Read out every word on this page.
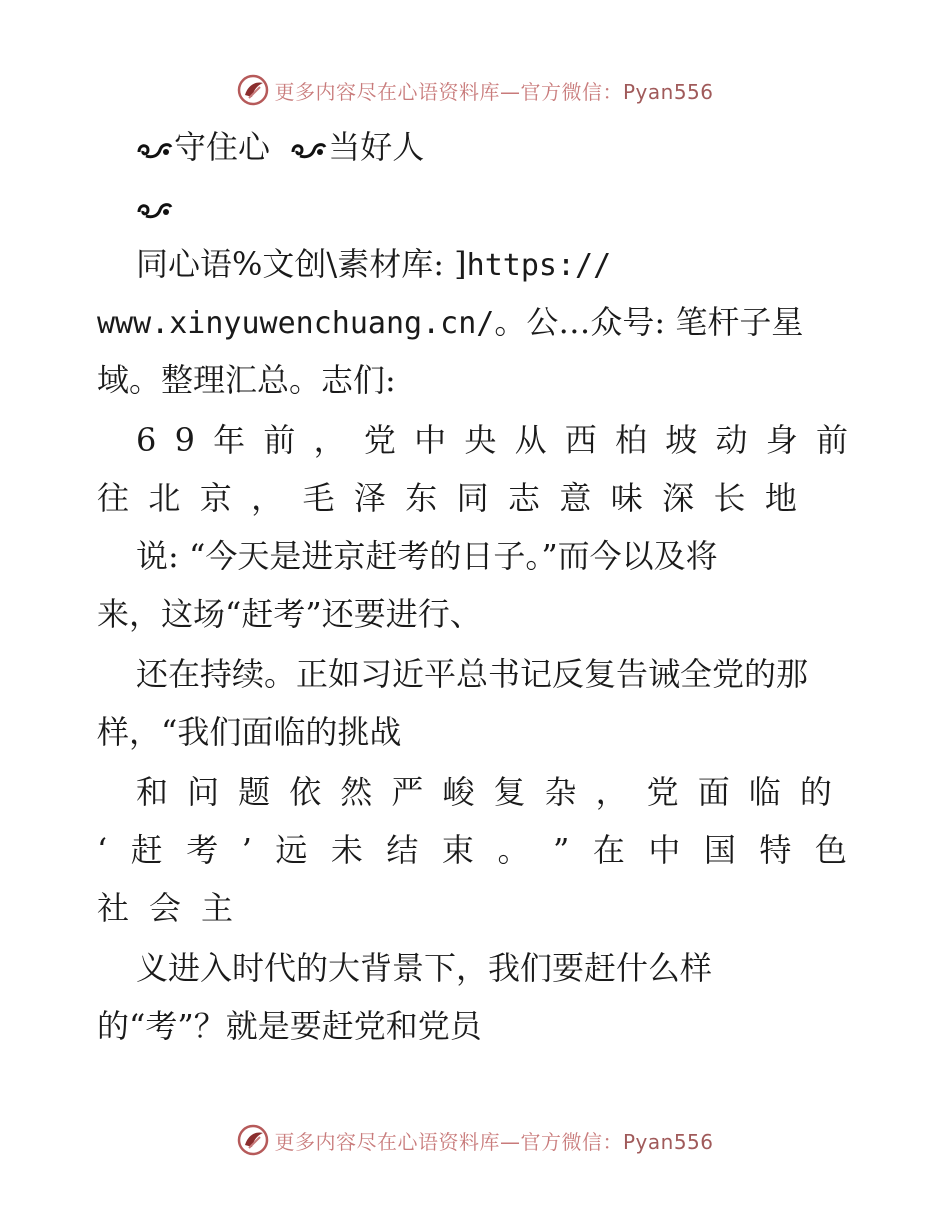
更多内容尽在心语资料库—官方微信：Pyan556
守住心 当好人
同心语%文创\素材库: ]https://
www.xinyuwenchuang.cn/。公…众号: 笔杆子星
域。整理汇总。志们:
6 9 年 前 ， 党 中 央 从 西 柏 坡 动 身 前
往 北 京 ， 毛 泽 东 同 志 意 味 深 长 地
说: “今天是进京赶考的日子。”而今以及将
来，这场“赶考”还要进行、
还在持续。正如习近平总书记反复告诫全党的那
样，“我们面临的挑战
和 问 题 依 然 严 峻 复 杂 ， 党 面 临 的
‘ 赶 考 ’ 远 未 结 束 。 ” 在 中 国 特 色
社 会 主
义进入时代的大背景下，我们要赶什么样
的“考”？就是要赶党和党员
更多内容尽在心语资料库—官方微信：Pyan556
